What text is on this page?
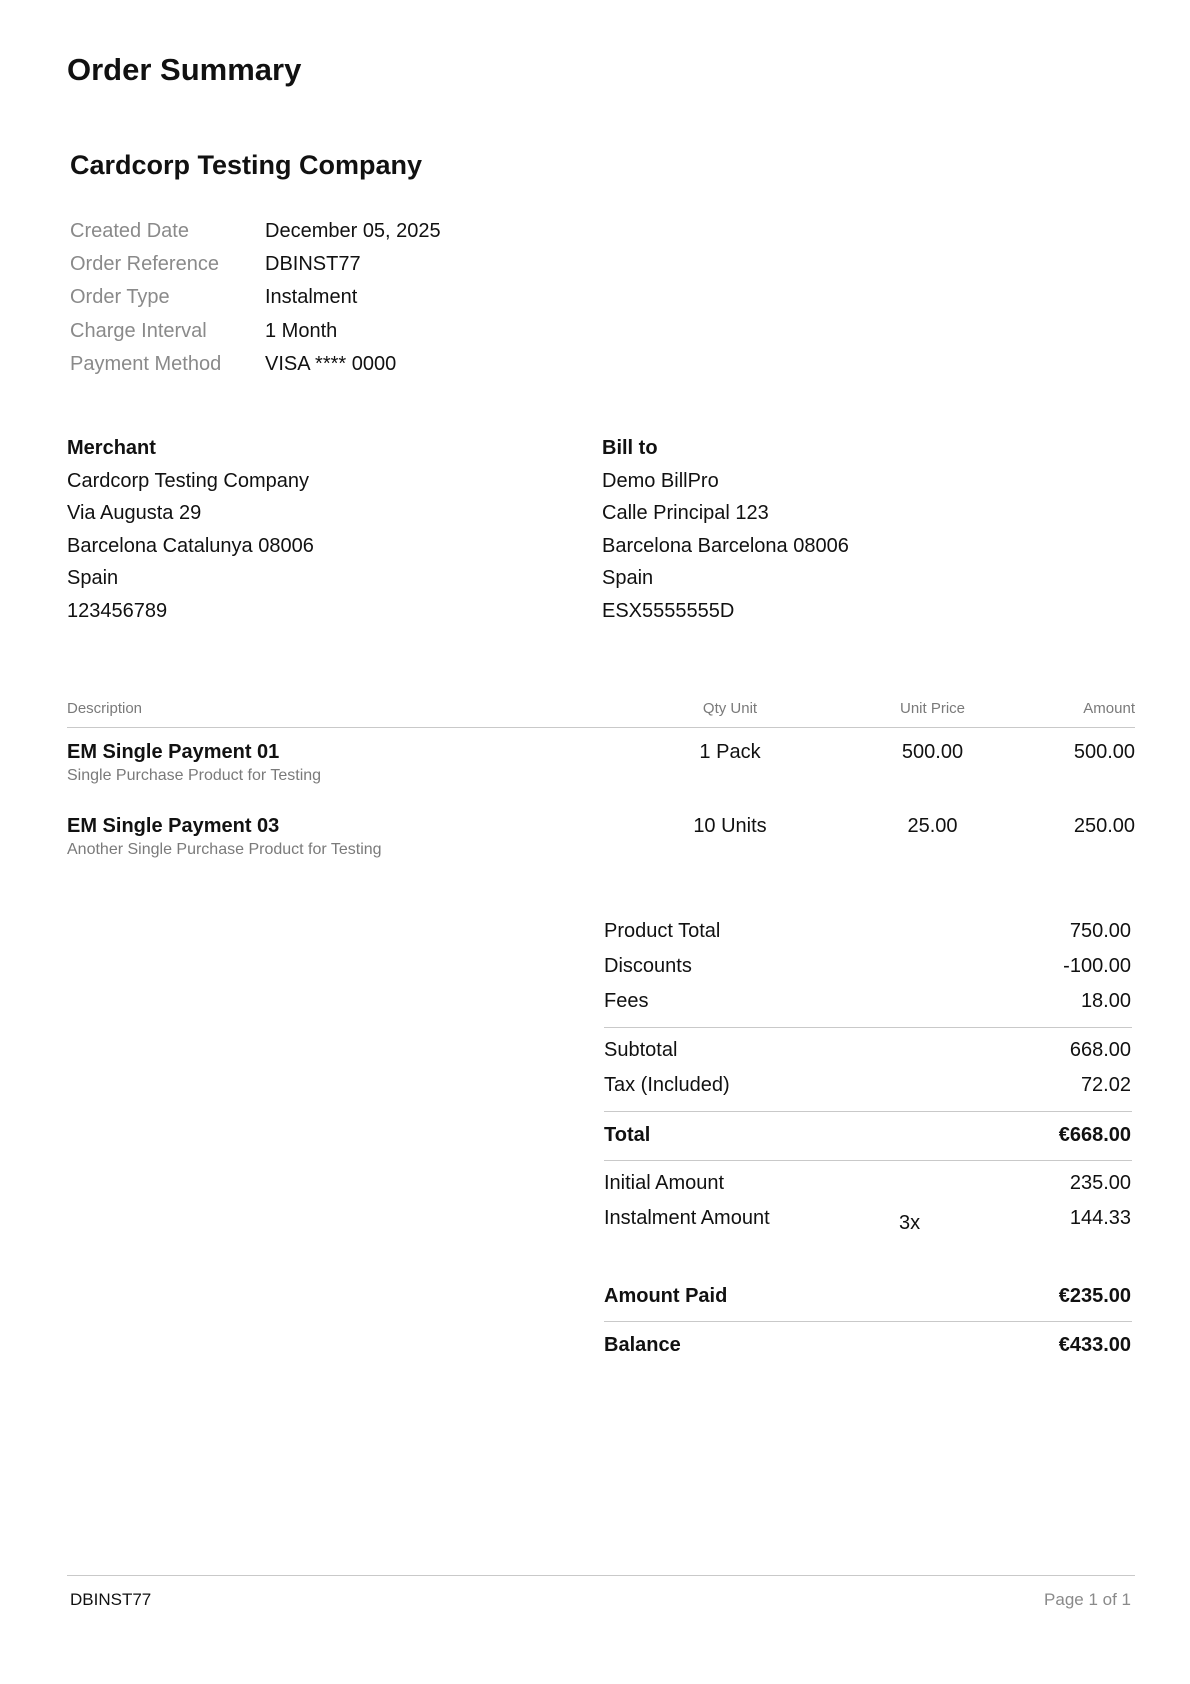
Order Summary
Cardcorp Testing Company
Created Date	December 05, 2025
Order Reference DBINST77
Order Type	Instalment
Charge Interval	1 Month
Payment Method VISA **** 0000
Merchant
Cardcorp Testing Company
Via Augusta 29
Barcelona Catalunya 08006
Spain
123456789
Bill to
Demo BillPro
Calle Principal 123
Barcelona Barcelona 08006
Spain
ESX5555555D
Description	Qty Unit	Unit Price	Amount
EM Single Payment 01
Single Purchase Product for Testing
1 Pack	500.00	500.00
EM Single Payment 03
Another Single Purchase Product for Testing
10 Units	25.00	250.00
Product Total	750.00
Discounts	-100.00
Fees	18.00
Subtotal	668.00
Tax (Included)	72.02
Total	€668.00
Initial Amount	235.00
Instalment Amount	3x	144.33
Amount Paid	€235.00
Balance	€433.00
DBINST77	Page 1 of 1
